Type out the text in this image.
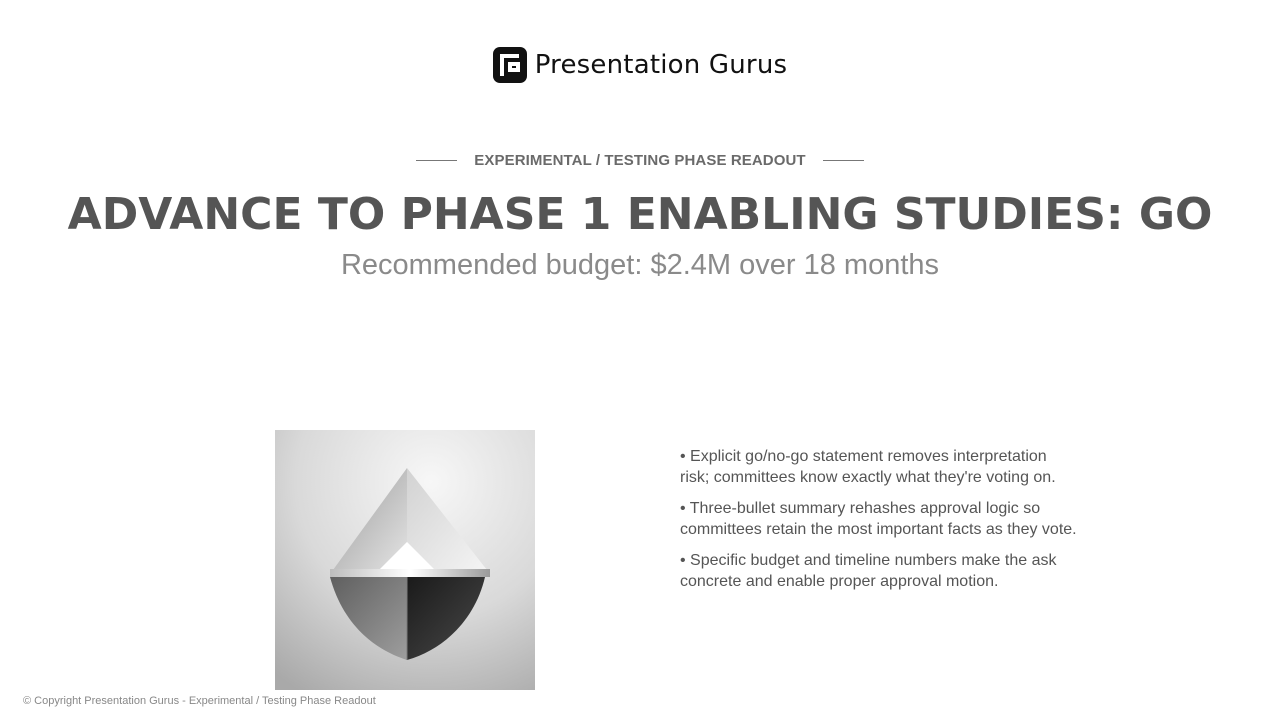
Presentation Gurus
EXPERIMENTAL / TESTING PHASE READOUT
ADVANCE TO PHASE 1 ENABLING STUDIES: GO
Recommended budget: $2.4M over 18 months
• Explicit go/no-go statement removes interpretation risk; committees know exactly what they're voting on.
• Three-bullet summary rehashes approval logic so committees retain the most important facts as they vote.
• Specific budget and timeline numbers make the ask concrete and enable proper approval motion.
© Copyright Presentation Gurus - Experimental / Testing Phase Readout
